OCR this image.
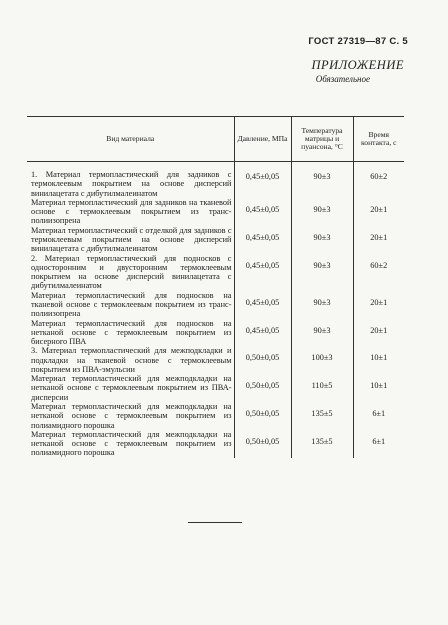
ГОСТ 27319—87 С. 5
ПРИЛОЖЕНИЕ
Обязательное
Вид материала	Давление, МПа	Температура матрицы и пуансона, °С	Время контакта, с
1. Материал термопластический для задников с термоклеевым покрытием на основе дисперсий винилацетата с дибутилмалеинатом	0,45±0,05	90±3	60±2
Материал термопластический для задников на тканевой основе с термоклеевым покрытием из трансполиизопрена	0,45±0,05	90±3	20±1
Материал термопластический с отделкой для задников с термоклеевым покрытием на основе дисперсий винилацетата с дибутилмалеинатом	0,45±0,05	90±3	20±1
2. Материал термопластический для подносков с односторонним и двусторонним термоклеевым покрытием на основе дисперсий винилацетата с дибутилмалеинатом	0,45±0,05	90±3	60±2
Материал термопластический для подносков на тканевой основе с термоклеевым покрытием из трансполиизопрена	0,45±0,05	90±3	20±1
Материал термопластический для подносков на нетканой основе с термоклеевым покрытием из бисерного ПВА	0,45±0,05	90±3	20±1
3. Материал термопластический для межподкладки и подкладки на тканевой основе с термоклеевым покрытием из ПВА-эмульсии	0,50±0,05	100±3	10±1
Материал термопластический для межподкладки на нетканой основе с термоклеевым покрытием из ПВА-дисперсии	0,50±0,05	110±5	10±1
Материал термопластический для межподкладки на нетканой основе с термоклеевым покрытием из полиамидного порошка	0,50±0,05	135±5	6±1
Материал термопластический для межподкладки на нетканой основе с термоклеевым покрытием из полиамидного порошка	0,50±0,05	135±5	6±1
